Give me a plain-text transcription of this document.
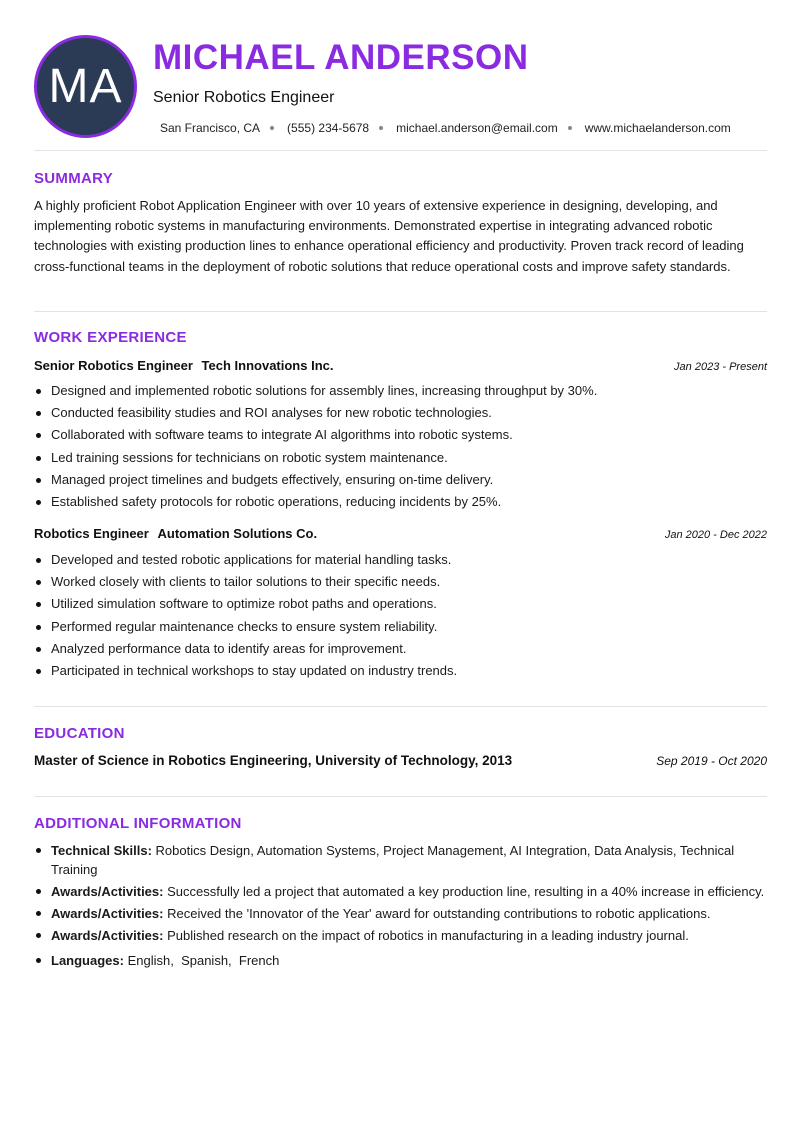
MA
MICHAEL ANDERSON
Senior Robotics Engineer
San Francisco, CA (555) 234-5678 michael.anderson@email.com www.michaelanderson.com
SUMMARY

A highly proficient Robot Application Engineer with over 10 years of extensive experience in designing, developing, and implementing robotic systems in manufacturing environments. Demonstrated expertise in integrating advanced robotic technologies with existing production lines to enhance operational efficiency and productivity. Proven track record of leading cross-functional teams in the deployment of robotic solutions that reduce operational costs and improve safety standards.

WORK EXPERIENCE
Senior Robotics Engineer Tech Innovations Inc.	Jan 2023 - Present
Designed and implemented robotic solutions for assembly lines, increasing throughput by 30%.
Conducted feasibility studies and ROI analyses for new robotic technologies.
Collaborated with software teams to integrate AI algorithms into robotic systems.
Led training sessions for technicians on robotic system maintenance.
Managed project timelines and budgets effectively, ensuring on-time delivery.
Established safety protocols for robotic operations, reducing incidents by 25%.
Robotics Engineer Automation Solutions Co.	Jan 2020 - Dec 2022
Developed and tested robotic applications for material handling tasks.
Worked closely with clients to tailor solutions to their specific needs.
Utilized simulation software to optimize robot paths and operations.
Performed regular maintenance checks to ensure system reliability.
Analyzed performance data to identify areas for improvement.
Participated in technical workshops to stay updated on industry trends.
EDUCATION
Master of Science in Robotics Engineering, University of Technology, 2013	Sep 2019 - Oct 2020
ADDITIONAL INFORMATION
Technical Skills: Robotics Design, Automation Systems, Project Management, AI Integration, Data Analysis, Technical Training
Awards/Activities: Successfully led a project that automated a key production line, resulting in a 40% increase in efficiency.
Awards/Activities: Received the 'Innovator of the Year' award for outstanding contributions to robotic applications.
Awards/Activities: Published research on the impact of robotics in manufacturing in a leading industry journal.
Languages: English,  Spanish,  French
